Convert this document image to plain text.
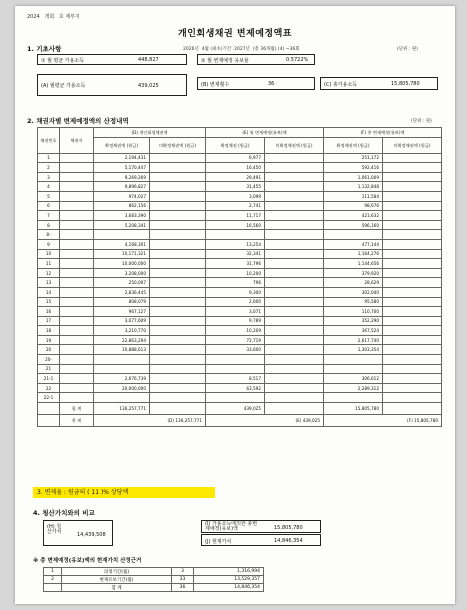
2024 개회 호 제부지
개인회생채권 변제예정액표
1. 기초사항	2026년 4월 (최초)기간 2027년 (총 36개월) (4) ~36회	(단위 : 원)
① 월 평균 가용소득	448,827	② 월 변제예정 유보율	0.5722%
(A) 월평균 가용소득	439,025	(B) 변제횟수	36	(C) 총가용소득	15,805,780
2. 채권자별 변제예정액의 산정내역	(단위 : 원)
채권번호	채권자	(D) 개인회생채권액		(E) 월 변제예정(유보)액		(F) 총 변제예정(유보)액	
		확정채권액 (원금)	미확정채권액 (원금)	확정채권 (원금)	미확정채권액 (원금)	확정채권액 (원금)	미확정채권액 (원금)
1		2,194,431		6,977		251,172	
2		5,170,447		16,450		592,416	
3		9,269,269		29,491		1,061,009	
4		9,896,827		31,455		1,132,848	
5		974,027		3,099		111,584	
6		862,156		2,741		98,676	
7		3,683,390		11,717		421,632	
8		5,208,341		16,560		596,160	
8-							
9		4,168,301		13,254		477,144	
10		10,171,321		32,341		1,164,276	
11		10,000,000		31,796		1,144,656	
12		3,208,000		10,200		379,920	
13		250,007		796		28,629	
14		2,836,445		9,300		302,040	
15		808,079		2,600		95,580	
16		967,127		3,071		110,700	
17		3,077,609		9,789		352,290	
18		3,210,770		10,209		367,524	
19		22,863,294		72,719		2,617,740	
20		10,888,613		33,600		1,303,354	
20-							
21							
21-1		2,676,739		8,517		306,612	
22		20,000,000		63,592		2,289,312	
22-1							
	합 계	136,257,771		439,025		15,805,780	
	총 계	(D) 136,257,771		(E) 439,025		(F) 15,805,780	
3. 변제율 : 원금의 ( 11 )% 상당액
4. 청산가치와의 비교
(H) 청산가치	14,439,508
(I) 가용소득에의한 총변제예정(유보)액	15,805,780
(J) 현재가치	14,846,354
※ 총 변제예정(유보)액의 현재가치 산정근거
1	의정기간(월)	3	1,316,994
2	변제유보기간(월)	33	13,529,357
	합 계	36	14,846,354
